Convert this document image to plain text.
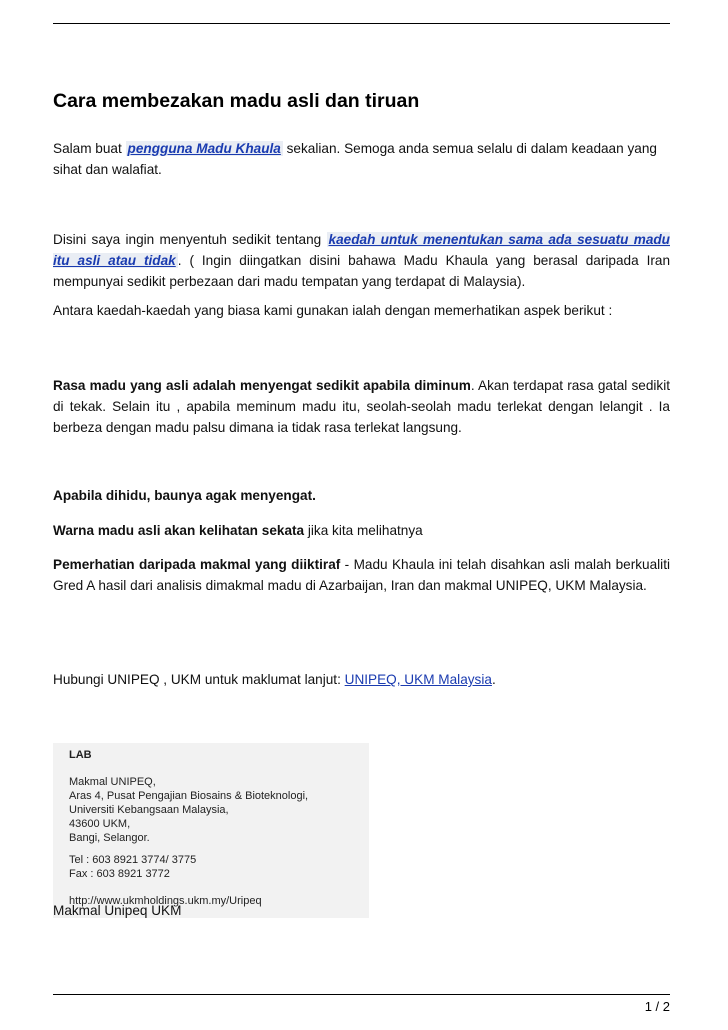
Cara membezakan madu asli dan tiruan

Salam buat pengguna Madu Khaula sekalian. Semoga anda semua selalu di dalam keadaan yang sihat dan walafiat.

Disini saya ingin menyentuh sedikit tentang kaedah untuk menentukan sama ada sesuatu madu itu asli atau tidak . ( Ingin diingatkan disini bahawa Madu Khaula yang berasal daripada Iran mempunyai sedikit perbezaan dari madu tempatan yang terdapat di Malaysia).

Antara kaedah-kaedah yang biasa kami gunakan ialah dengan memerhatikan aspek berikut :

Rasa madu yang asli adalah menyengat sedikit apabila diminum. Akan terdapat rasa gatal sedikit di tekak. Selain itu , apabila meminum madu itu, seolah-seolah madu terlekat dengan lelangit . Ia berbeza dengan madu palsu dimana ia tidak rasa terlekat langsung.

Apabila dihidu, baunya agak menyengat.

Warna madu asli akan kelihatan sekata jika kita melihatnya

Pemerhatian daripada makmal yang diiktiraf - Madu Khaula ini telah disahkan asli malah berkualiti Gred A hasil dari analisis dimakmal madu di Azarbaijan, Iran dan makmal UNIPEQ, UKM Malaysia.

Hubungi UNIPEQ , UKM untuk maklumat lanjut: UNIPEQ, UKM Malaysia.

LAB
Makmal UNIPEQ,
Aras 4, Pusat Pengajian Biosains & Bioteknologi,
Universiti Kebangsaan Malaysia,
43600 UKM,
Bangi, Selangor.
Tel : 603 8921 3774/ 3775
Fax : 603 8921 3772
http://www.ukmholdings.ukm.my/Uripeq
Makmal Unipeq UKM
1 / 2
